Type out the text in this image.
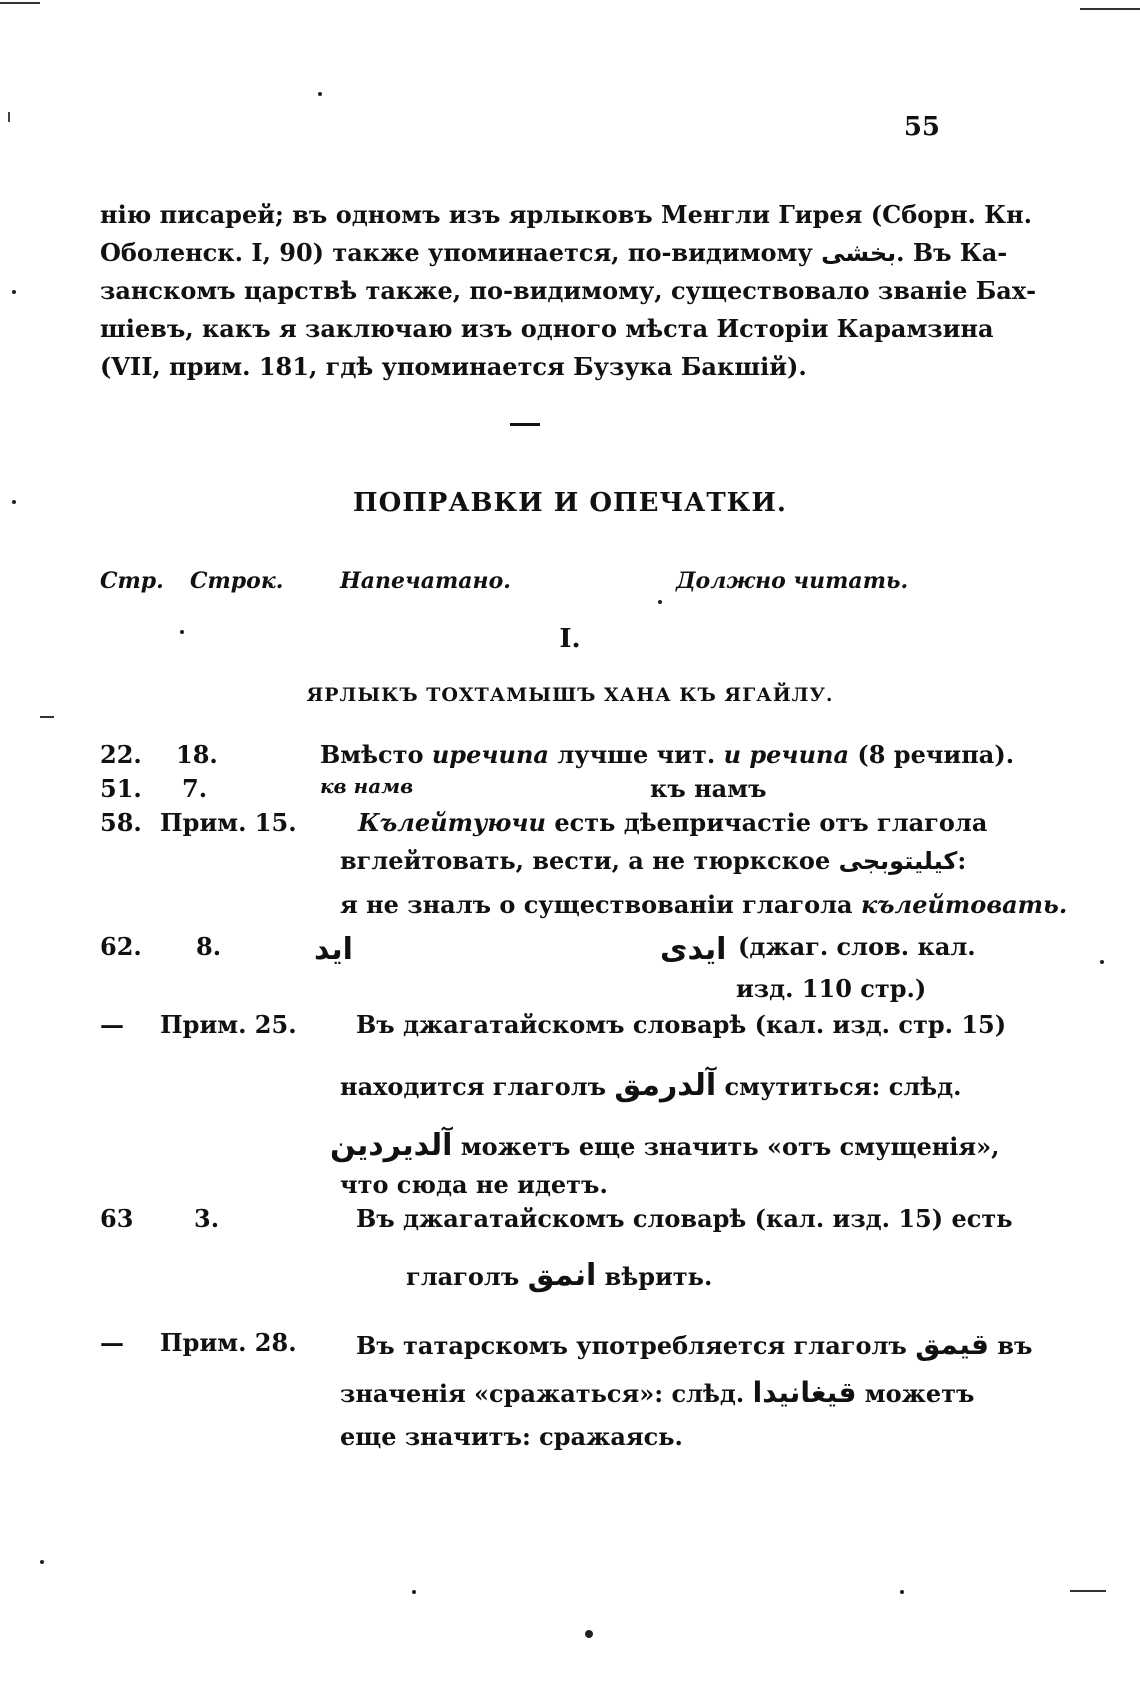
55
нію писарей; въ одномъ изъ ярлыковъ Менгли Гирея (Сборн. Кн.
Оболенск. I, 90) также упоминается, по-видимому بخشى. Въ Ка-
занскомъ царствѣ также, по-видимому, существовало званіе Бах-
шіевъ, какъ я заключаю изъ одного мѣста Исторіи Карамзина
(VII, прим. 181, гдѣ упоминается Бузука Бакшій).
ПОПРАВКИ И ОПЕЧАТКИ.
Стр. Строк.	Напечатано.	Должно читать.
I.
ЯРЛЫКЪ ТОХТАМЫШЪ ХАНА КЪ ЯГАЙЛУ.
22. 18.	Вмѣсто иречипа лучше чит. и речипа (8 речипа).
51. 7.	кв намв	къ намъ
58. Прим. 15.	Кълейтуючи есть дѣепричастіе отъ глагола
вглейтовать, вести, а не тюркское كيليتوبجى:
я не зналъ о существованіи глагола кълейтовать.
62. 8.	ايد	ايدى (джаг. слов. кал.
изд. 110 стр.)
— Прим. 25. Въ джагатайскомъ словарѣ (кал. изд. стр. 15)
находится глаголъ آلدرمق смутиться: слѣд.
آلديردين можетъ еще значить «отъ смущенія»,
что сюда не идетъ.
63	3.	Въ джагатайскомъ словарѣ (кал. изд. 15) есть
глаголъ انمق вѣрить.
— Прим. 28. Въ татарскомъ употребляется глаголъ قيمق въ
значенія «сражаться»: слѣд. قيغانيدا можетъ
еще значитъ: сражаясь.
